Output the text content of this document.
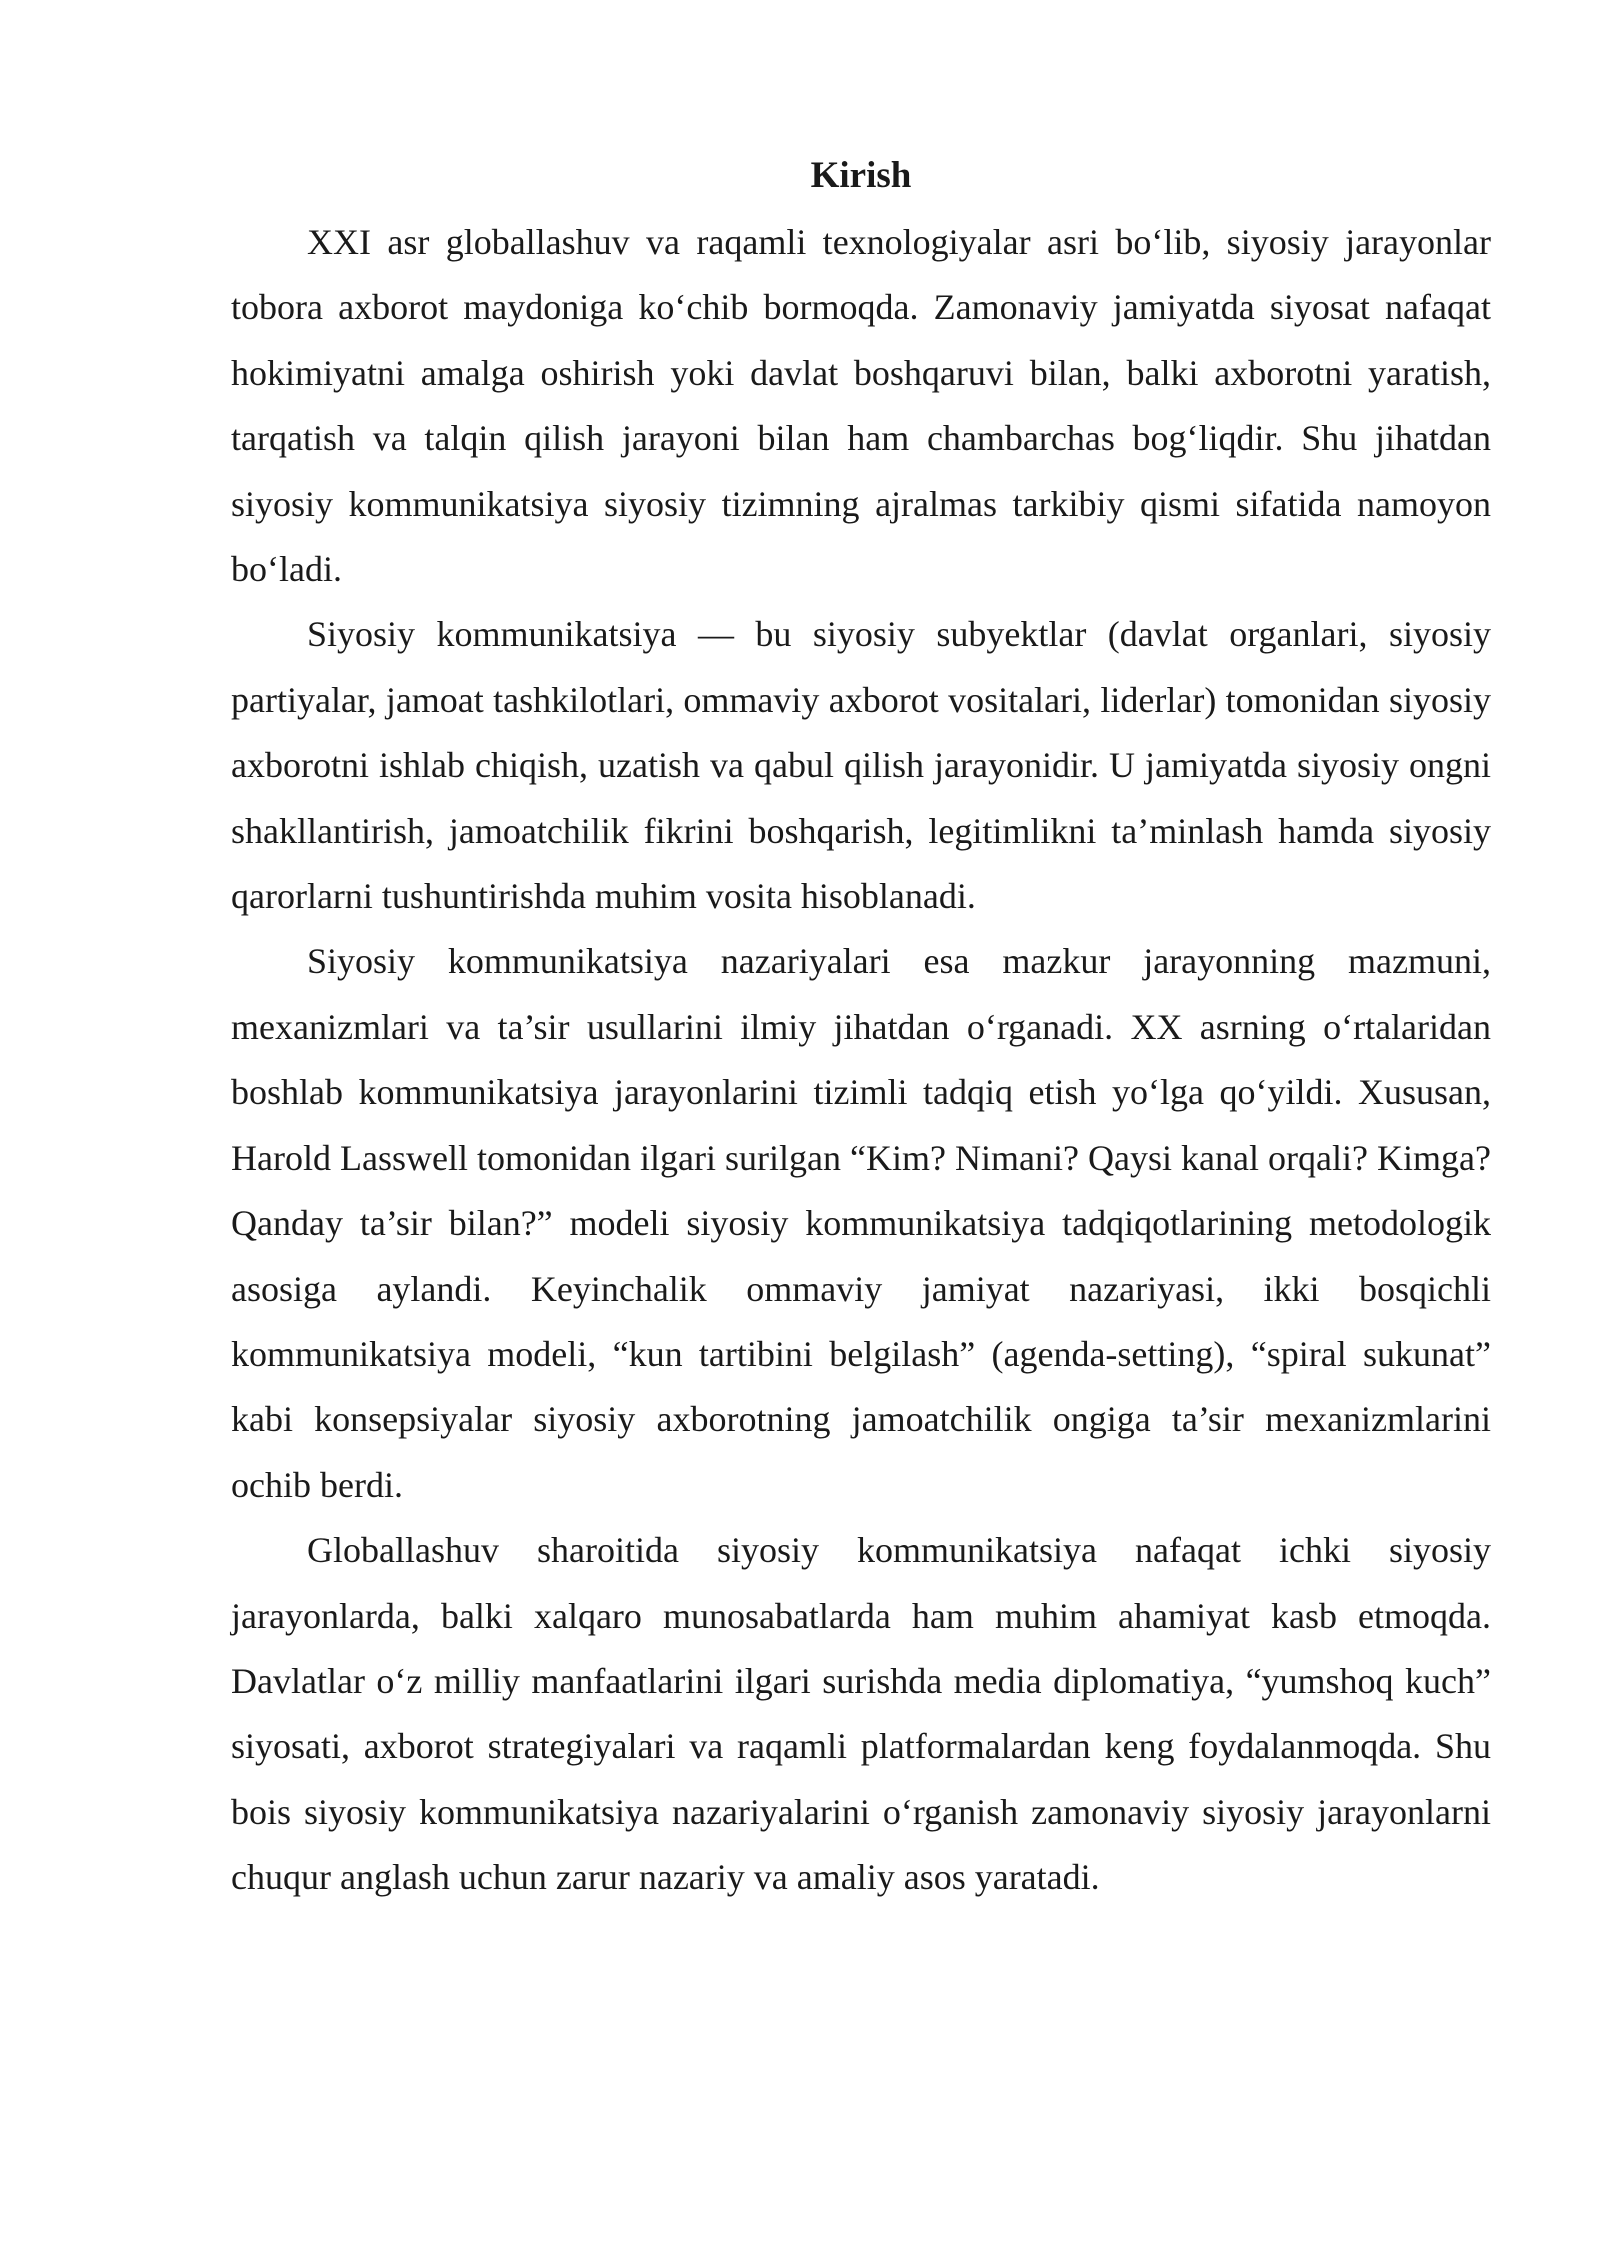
Kirish

XXI asr globallashuv va raqamli texnologiyalar asri bo‘lib, siyosiy jarayonlar tobora axborot maydoniga ko‘chib bormoqda. Zamonaviy jamiyatda siyosat nafaqat hokimiyatni amalga oshirish yoki davlat boshqaruvi bilan, balki axborotni yaratish, tarqatish va talqin qilish jarayoni bilan ham chambarchas bog‘liqdir. Shu jihatdan siyosiy kommunikatsiya siyosiy tizimning ajralmas tarkibiy qismi sifatida namoyon bo‘ladi.

Siyosiy kommunikatsiya — bu siyosiy subyektlar (davlat organlari, siyosiy partiyalar, jamoat tashkilotlari, ommaviy axborot vositalari, liderlar) tomonidan siyosiy axborotni ishlab chiqish, uzatish va qabul qilish jarayonidir. U jamiyatda siyosiy ongni shakllantirish, jamoatchilik fikrini boshqarish, legitimlikni ta’minlash hamda siyosiy qarorlarni tushuntirishda muhim vosita hisoblanadi.

Siyosiy kommunikatsiya nazariyalari esa mazkur jarayonning mazmuni, mexanizmlari va ta’sir usullarini ilmiy jihatdan o‘rganadi. XX asrning o‘rtalaridan boshlab kommunikatsiya jarayonlarini tizimli tadqiq etish yo‘lga qo‘yildi. Xususan, Harold Lasswell tomonidan ilgari surilgan “Kim? Nimani? Qaysi kanal orqali? Kimga? Qanday ta’sir bilan?” modeli siyosiy kommunikatsiya tadqiqotlarining metodologik asosiga aylandi. Keyinchalik ommaviy jamiyat nazariyasi, ikki bosqichli kommunikatsiya modeli, “kun tartibini belgilash” (agenda-setting), “spiral sukunat” kabi konsepsiyalar siyosiy axborotning jamoatchilik ongiga ta’sir mexanizmlarini ochib berdi.

Globallashuv sharoitida siyosiy kommunikatsiya nafaqat ichki siyosiy jarayonlarda, balki xalqaro munosabatlarda ham muhim ahamiyat kasb etmoqda. Davlatlar o‘z milliy manfaatlarini ilgari surishda media diplomatiya, “yumshoq kuch” siyosati, axborot strategiyalari va raqamli platformalardan keng foydalanmoqda. Shu bois siyosiy kommunikatsiya nazariyalarini o‘rganish zamonaviy siyosiy jarayonlarni chuqur anglash uchun zarur nazariy va amaliy asos yaratadi.
